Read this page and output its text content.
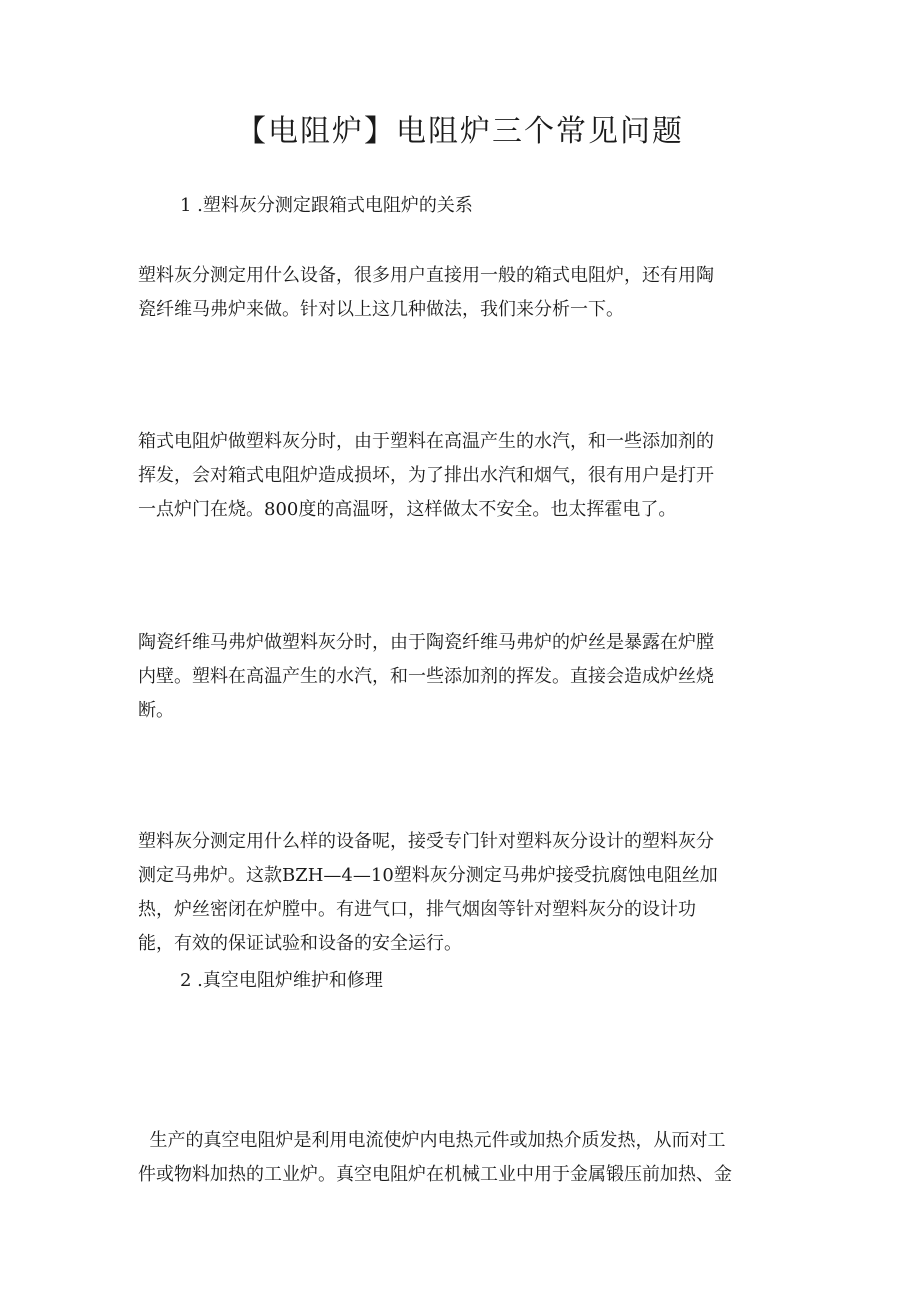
【电阻炉】电阻炉三个常见问题
1 .塑料灰分测定跟箱式电阻炉的关系

塑料灰分测定用什么设备，很多用户直接用一般的箱式电阻炉，还有用陶
瓷纤维马弗炉来做。针对以上这几种做法，我们来分析一下。

箱式电阻炉做塑料灰分时，由于塑料在高温产生的水汽，和一些添加剂的
挥发，会对箱式电阻炉造成损坏，为了排出水汽和烟气，很有用户是打开
一点炉门在烧。800度的高温呀，这样做太不安全。也太挥霍电了。

陶瓷纤维马弗炉做塑料灰分时，由于陶瓷纤维马弗炉的炉丝是暴露在炉膛
内壁。塑料在高温产生的水汽，和一些添加剂的挥发。直接会造成炉丝烧
断。

塑料灰分测定用什么样的设备呢，接受专门针对塑料灰分设计的塑料灰分
测定马弗炉。这款BZH—4—10塑料灰分测定马弗炉接受抗腐蚀电阻丝加
热，炉丝密闭在炉膛中。有进气口，排气烟囱等针对塑料灰分的设计功
能，有效的保证试验和设备的安全运行。

2 .真空电阻炉维护和修理

生产的真空电阻炉是利用电流使炉内电热元件或加热介质发热，从而对工
件或物料加热的工业炉。真空电阻炉在机械工业中用于金属锻压前加热、金
